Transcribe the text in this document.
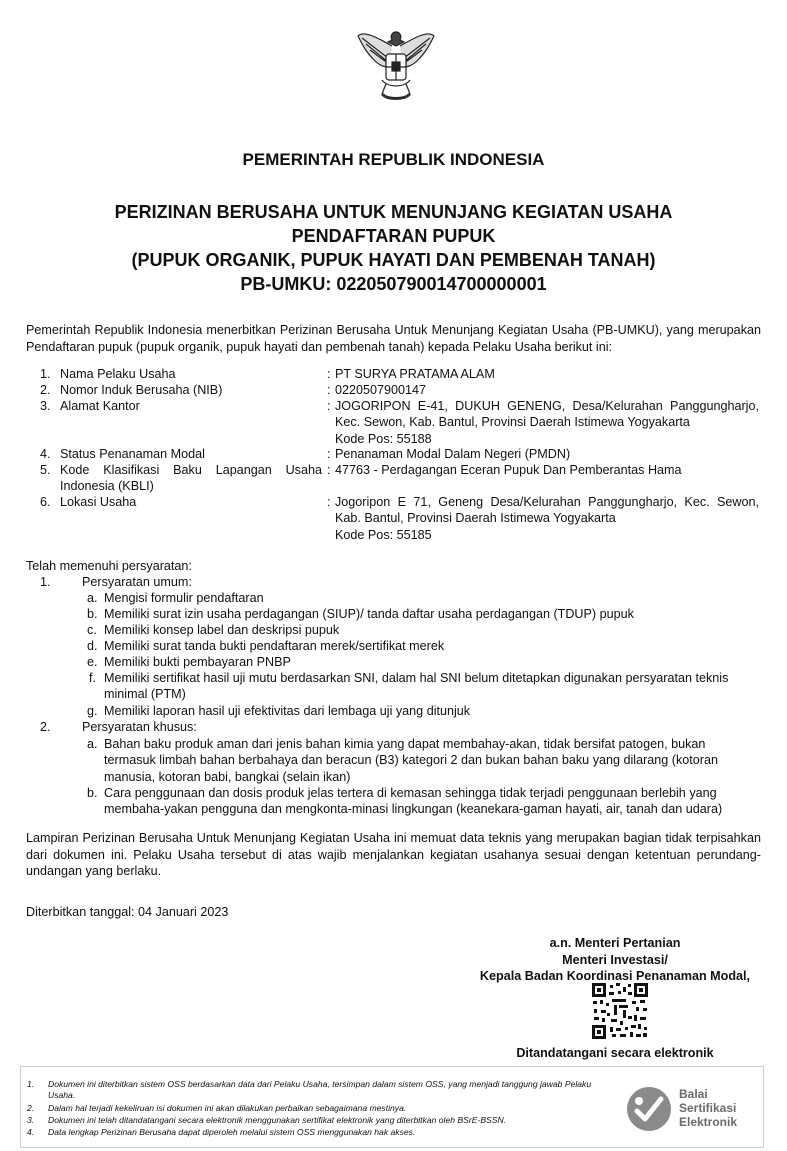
PEMERINTAH REPUBLIK INDONESIA
PERIZINAN BERUSAHA UNTUK MENUNJANG KEGIATAN USAHA
PENDAFTARAN PUPUK
(PUPUK ORGANIK, PUPUK HAYATI DAN PEMBENAH TANAH)
PB-UMKU: 022050790014700000001
Pemerintah Republik Indonesia menerbitkan Perizinan Berusaha Untuk Menunjang Kegiatan Usaha (PB-UMKU), yang merupakan Pendaftaran pupuk (pupuk organik, pupuk hayati dan pembenah tanah) kepada Pelaku Usaha berikut ini:
1. Nama Pelaku Usaha	: PT SURYA PRATAMA ALAM
2. Nomor Induk Berusaha (NIB)	: 0220507900147
3. Alamat Kantor	: JOGORIPON E-41, DUKUH GENENG, Desa/Kelurahan Panggungharjo, Kec. Sewon, Kab. Bantul, Provinsi Daerah Istimewa Yogyakarta
Kode Pos: 55188
4. Status Penanaman Modal	: Penanaman Modal Dalam Negeri (PMDN)
5. Kode Klasifikasi Baku Lapangan Usaha Indonesia (KBLI)
: 47763 - Perdagangan Eceran Pupuk Dan Pemberantas Hama
6. Lokasi Usaha	: Jogoripon E 71, Geneng Desa/Kelurahan Panggungharjo, Kec. Sewon, Kab. Bantul, Provinsi Daerah Istimewa Yogyakarta
Kode Pos: 55185
Telah memenuhi persyaratan:
1. Persyaratan umum:
a. Mengisi formulir pendaftaran
b. Memiliki surat izin usaha perdagangan (SIUP)/ tanda daftar usaha perdagangan (TDUP) pupuk
c. Memiliki konsep label dan deskripsi pupuk
d. Memiliki surat tanda bukti pendaftaran merek/sertifikat merek
e. Memiliki bukti pembayaran PNBP
f. Memiliki sertifikat hasil uji mutu berdasarkan SNI, dalam hal SNI belum ditetapkan digunakan persyaratan teknis minimal (PTM)
g. Memiliki laporan hasil uji efektivitas dari lembaga uji yang ditunjuk
2. Persyaratan khusus:
a. Bahan baku produk aman dari jenis bahan kimia yang dapat membahay-akan, tidak bersifat patogen, bukan termasuk limbah bahan berbahaya dan beracun (B3) kategori 2 dan bukan bahan baku yang dilarang (kotoran manusia, kotoran babi, bangkai (selain ikan)
b. Cara penggunaan dan dosis produk jelas tertera di kemasan sehingga tidak terjadi penggunaan berlebih yang membaha-yakan pengguna dan mengkonta-minasi lingkungan (keanekara-gaman hayati, air, tanah dan udara)
Lampiran Perizinan Berusaha Untuk Menunjang Kegiatan Usaha ini memuat data teknis yang merupakan bagian tidak terpisahkan dari dokumen ini. Pelaku Usaha tersebut di atas wajib menjalankan kegiatan usahanya sesuai dengan ketentuan perundang-undangan yang berlaku.
Diterbitkan tanggal: 04 Januari 2023
a.n. Menteri Pertanian
Menteri Investasi/
Kepala Badan Koordinasi Penanaman Modal,
Ditandatangani secara elektronik
1. Dokumen ini diterbitkan sistem OSS berdasarkan data dari Pelaku Usaha, tersimpan dalam sistem OSS, yang menjadi tanggung jawab Pelaku Usaha.
2. Dalam hal terjadi kekeliruan isi dokumen ini akan dilakukan perbaikan sebagaimana mestinya.
3. Dokumen ini telah ditandatangani secara elektronik menggunakan sertifikat elektronik yang diterbitkan oleh BSrE-BSSN.
4. Data lengkap Perizinan Berusaha dapat diperoleh melalui sistem OSS menggunakan hak akses.
Balai
Sertifikasi
Elektronik
